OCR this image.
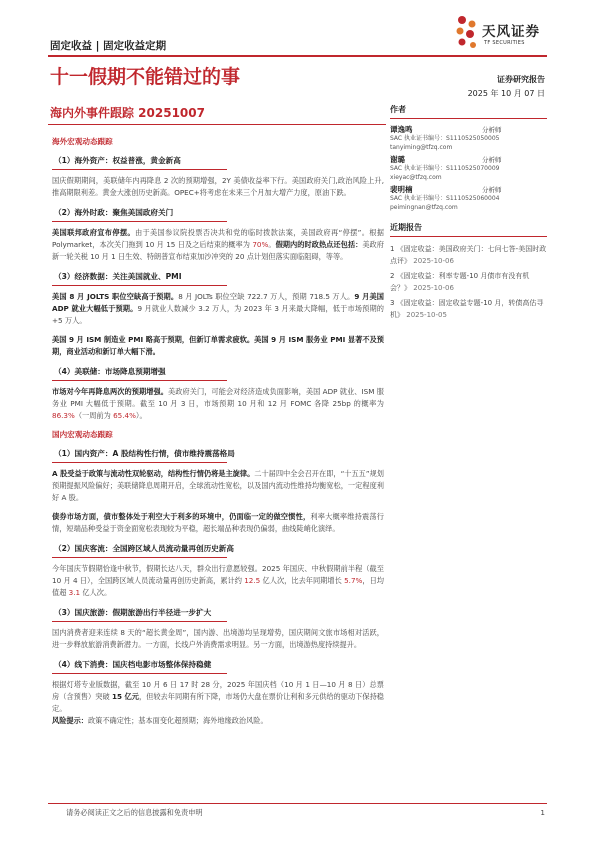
固定收益 | 固定收益定期
天风证券
TF SECURITIES
十一假期不能错过的事	证券研究报告
2025 年 10 月 07 日
海内外事件跟踪 20251007
海外宏观动态跟踪
（1）海外资产：权益普涨，黄金新高

国庆假期期间，美联储年内再降息 2 次的预期增强，2Y 美债收益率下行。美国政府关门,政治风险上升,推高期限利差。黄金大涨创历史新高。OPEC+将考虑在未来三个月加大增产力度，原油下跌。

（2）海外时政：聚焦美国政府关门

美国联邦政府宣布停摆。由于美国参议院投票否决共和党的临时拨款法案，美国政府再“停摆”。根据 Polymarket，本次关门拖到 10 月 15 日及之后结束的概率为 70%。假期内的时政热点还包括：美政府新一轮关税 10 月 1 日生效、特朗普宣布结束加沙冲突的 20 点计划但落实面临阻碍，等等。

（3）经济数据：关注美国就业、PMI

美国 8 月 JOLTS 职位空缺高于预期。8 月 JOLTs 职位空缺 722.7 万人，预期 718.5 万人。9 月美国 ADP 就业大幅低于预期。9 月就业人数减少 3.2 万人，为 2023 年 3 月来最大降幅，低于市场预期的+5 万人。

美国 9 月 ISM 制造业 PMI 略高于预期，但新订单需求疲软。美国 9 月 ISM 服务业 PMI 显著不及预期，商业活动和新订单大幅下滑。

（4）美联储：市场降息预期增强

市场对今年再降息两次的预期增强。美政府关门，可能会对经济造成负面影响，美国 ADP 就业、ISM 服务业 PMI 大幅低于预期。截至 10 月 3 日，市场预期 10 月和 12 月 FOMC 各降 25bp 的概率为 86.3%（一周前为 65.4%）。

国内宏观动态跟踪
（1）国内资产：A 股结构性行情，债市维持震荡格局

A 股受益于政策与流动性双轮驱动，结构性行情仍将是主旋律。二十届四中全会召开在即，“十五五”规划预期提振风险偏好；美联储降息周期开启，全球流动性宽松，以及国内流动性维持均衡宽松，一定程度利好 A 股。

债券市场方面，债市整体处于利空大于利多的环境中，仍面临一定的做空惯性，利率大概率维持震荡行情，短端品种受益于资金面宽松表现较为平稳，超长端品种表现仍偏弱，曲线陡峭化演绎。

（2）国庆客流：全国跨区域人员流动量再创历史新高

今年国庆节假期恰逢中秋节，假期长达八天，群众出行意愿较强。2025 年国庆、中秋假期前半程（截至 10 月 4 日），全国跨区域人员流动量再创历史新高，累计约 12.5 亿人次，比去年同期增长 5.7%，日均值超 3.1 亿人次。

（3）国庆旅游：假期旅游出行半径进一步扩大

国内消费者迎来连续 8 天的“超长黄金周”，国内游、出境游均呈现增势，国庆期间文旅市场相对活跃，进一步释放旅游消费新潜力。一方面，长线户外消费需求明显。另一方面，出境游热度持续提升。

（4）线下消费：国庆档电影市场整体保持稳健

根据灯塔专业版数据，截至 10 月 6 日 17 时 28 分，2025 年国庆档（10 月 1 日—10 月 8 日）总票房（含预售）突破 15 亿元，但较去年同期有所下降，市场仍大盘在票价让利和多元供给的驱动下保持稳定。

风险提示：政策不确定性；基本面变化超预期；海外地缘政治风险。

作者
谭逸鸣	分析师
SAC 执业证书编号：S1110525050005
tanyiming@tfzq.com
谢璐	分析师
SAC 执业证书编号：S1110525070009
xieyac@tfzq.com
裴明楠	分析师
SAC 执业证书编号：S1110525060004
peimingnan@tfzq.com
近期报告
1 《固定收益：美国政府关门：七问七答-美国时政点评》 2025-10-06
2 《固定收益：利率专题-10 月债市有没有机会？》 2025-10-06
3 《固定收益：固定收益专题-10 月，转债高估寻机》 2025-10-05
请务必阅读正文之后的信息披露和免责申明	1
